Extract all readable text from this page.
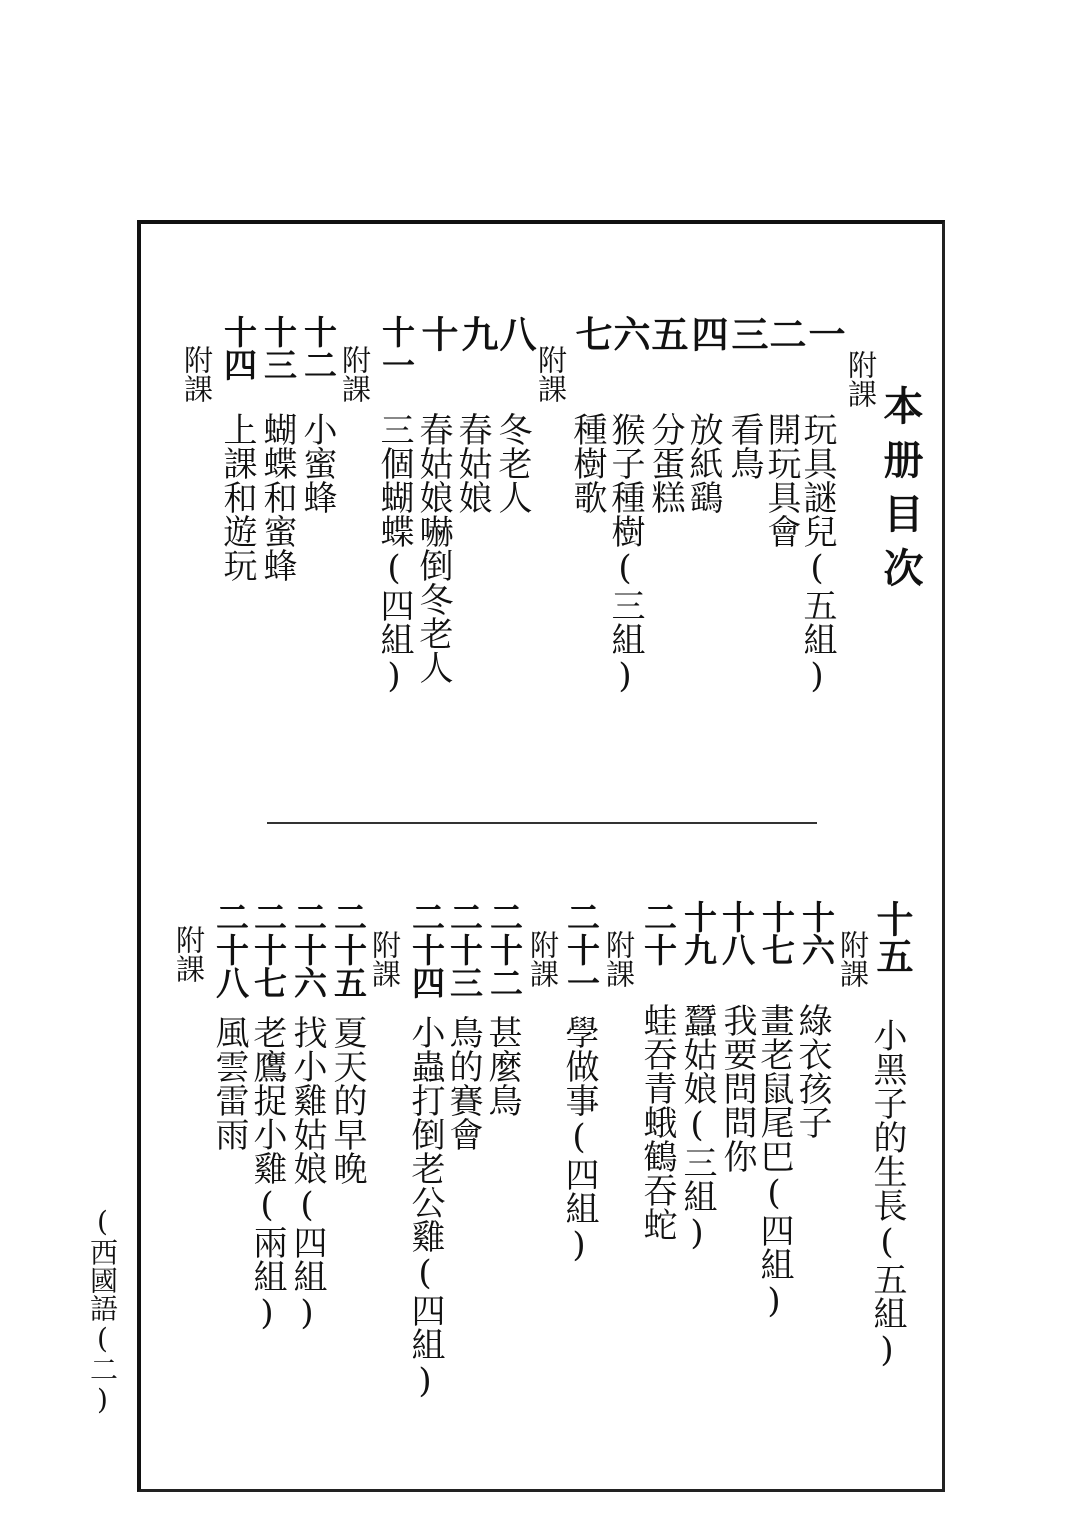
本册目次
附課
一
玩具謎兒(五組)
二
開玩具會
三
看鳥
四
放紙鷂
五
分蛋糕
六
猴子種樹(三組)
七
種樹歌
附課
八
冬老人
九
春姑娘
十
春姑娘嚇倒冬老人
十一
三個蝴蝶(四組)
附課
十二
小蜜蜂
十三
蝴蝶和蜜蜂
十四
上課和遊玩
附課
十五
小黑子的生長(五組)
附課
十六
綠衣孩子
十七
畫老鼠尾巴(四組)
十八
我要問問你
十九
蠶姑娘(三組)
二十
蛙吞青蛾鶴吞蛇
附課
二十一
學做事(四組)
附課
二十二
甚麼鳥
二十三
鳥的賽會
二十四
小蟲打倒老公雞(四組)
附課
二十五
夏天的早晚
二十六
找小雞姑娘(四組)
二十七
老鷹捉小雞(兩組)
二十八
風雲雷雨
附課
(西國語(二)
